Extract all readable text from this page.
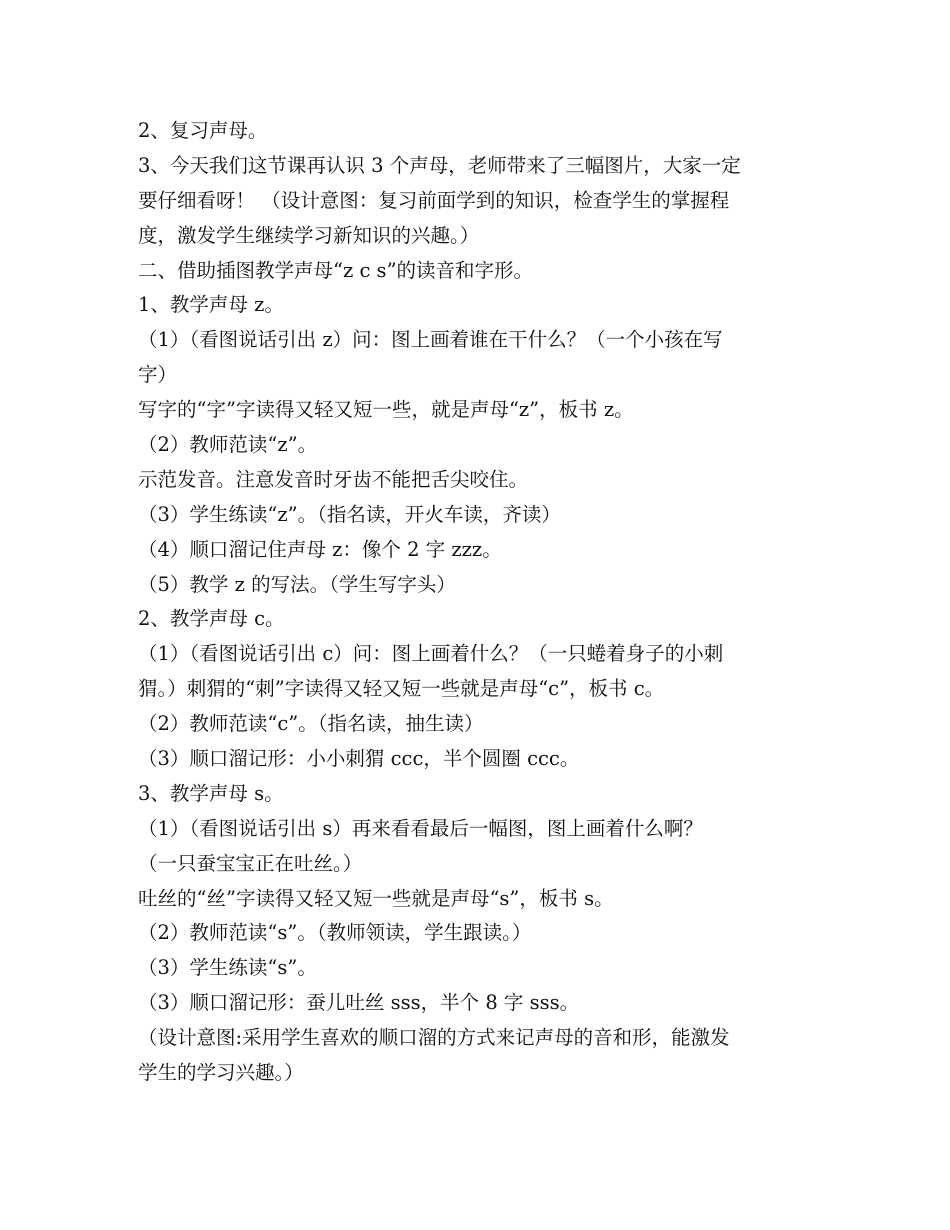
2、复习声母。

3、今天我们这节课再认识 3 个声母，老师带来了三幅图片，大家一定

要仔细看呀！ （设计意图：复习前面学到的知识，检查学生的掌握程

度，激发学生继续学习新知识的兴趣。）

二、借助插图教学声母“z c s”的读音和字形。

1、教学声母 z。

（1）（看图说话引出 z）问：图上画着谁在干什么？（一个小孩在写

字）

写字的“字”字读得又轻又短一些，就是声母“z”，板书 z。

（2）教师范读“z”。

示范发音。注意发音时牙齿不能把舌尖咬住。

（3）学生练读“z”。（指名读，开火车读，齐读）

（4）顺口溜记住声母 z：像个 2 字 zzz。

（5）教学 z 的写法。（学生写字头）

2、教学声母 c。

（1）（看图说话引出 c）问：图上画着什么？（一只蜷着身子的小刺

猬。）刺猬的“刺”字读得又轻又短一些就是声母“c”，板书 c。

（2）教师范读“c”。（指名读，抽生读）

（3）顺口溜记形：小小刺猬 ccc，半个圆圈 ccc。

3、教学声母 s。

（1）（看图说话引出 s）再来看看最后一幅图，图上画着什么啊？

（一只蚕宝宝正在吐丝。）

吐丝的“丝”字读得又轻又短一些就是声母“s”，板书 s。

（2）教师范读“s”。（教师领读，学生跟读。）

（3）学生练读“s”。

（3）顺口溜记形：蚕儿吐丝 sss，半个 8 字 sss。

（设计意图:采用学生喜欢的顺口溜的方式来记声母的音和形，能激发

学生的学习兴趣。）
